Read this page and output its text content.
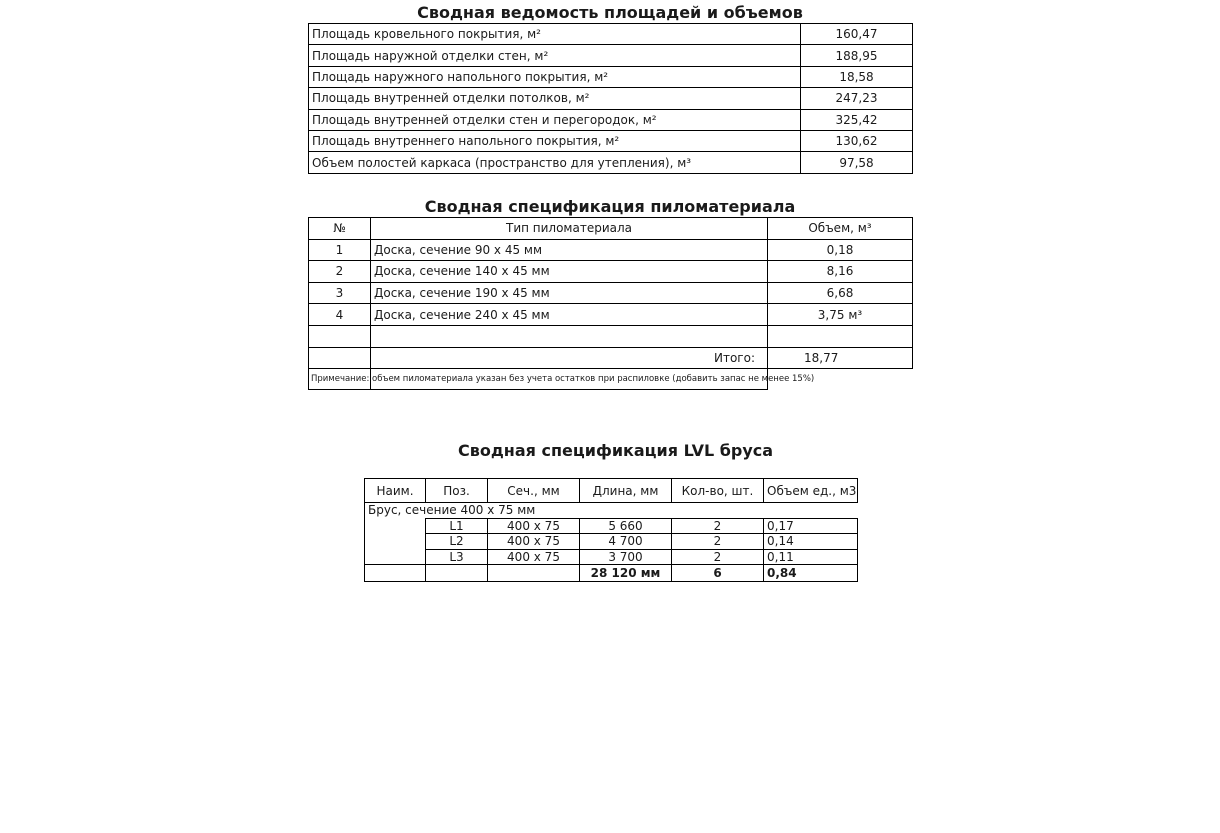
Сводная ведомость площадей и объемов
Площадь кровельного покрытия, м²	160,47
Площадь наружной отделки стен, м²	188,95
Площадь наружного напольного покрытия, м²	18,58
Площадь внутренней отделки потолков, м²	247,23
Площадь внутренней отделки стен и перегородок, м²	325,42
Площадь внутреннего напольного покрытия, м²	130,62
Объем полостей каркаса (пространство для утепления), м³	97,58
Сводная спецификация пиломатериала
№	Тип пиломатериала	Объем, м³
1	Доска, сечение 90 х 45 мм	0,18
2	Доска, сечение 140 х 45 мм	8,16
3	Доска, сечение 190 х 45 мм	6,68
4	Доска, сечение 240 х 45 мм	3,75 м³

	Итого:	18,77
Примечание:	объем пиломатериала указан без учета остатков при распиловке (добавить запас не менее 15%)	
Сводная спецификация LVL бруса
Наим.	Поз.	Сеч., мм	Длина, мм	Кол-во, шт.	Объем ед., м3
Брус, сечение 400 х 75 мм					
	L1	400 х 75	5 660	2	0,17
	L2	400 х 75	4 700	2	0,14
	L3	400 х 75	3 700	2	0,11
			28 120 мм	6	0,84
